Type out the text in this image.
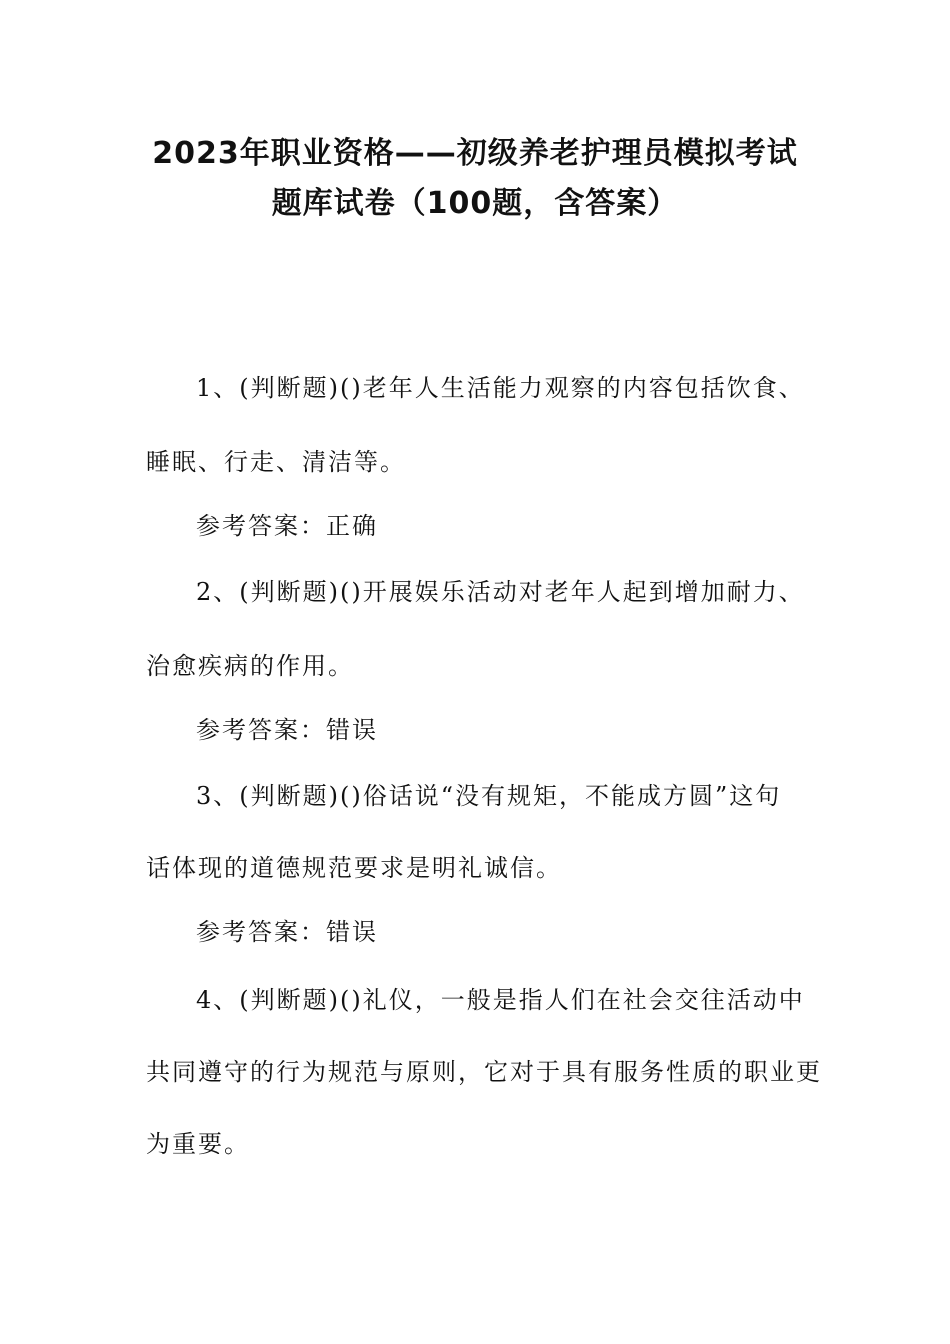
2023年职业资格——初级养老护理员模拟考试
题库试卷（100题，含答案）
1、(判断题)()老年人生活能力观察的内容包括饮食、
睡眠、行走、清洁等。
参考答案：正确
2、(判断题)()开展娱乐活动对老年人起到增加耐力、
治愈疾病的作用。
参考答案：错误
3、(判断题)()俗话说“没有规矩，不能成方圆”这句
话体现的道德规范要求是明礼诚信。
参考答案：错误
4、(判断题)()礼仪，一般是指人们在社会交往活动中
共同遵守的行为规范与原则，它对于具有服务性质的职业更
为重要。
